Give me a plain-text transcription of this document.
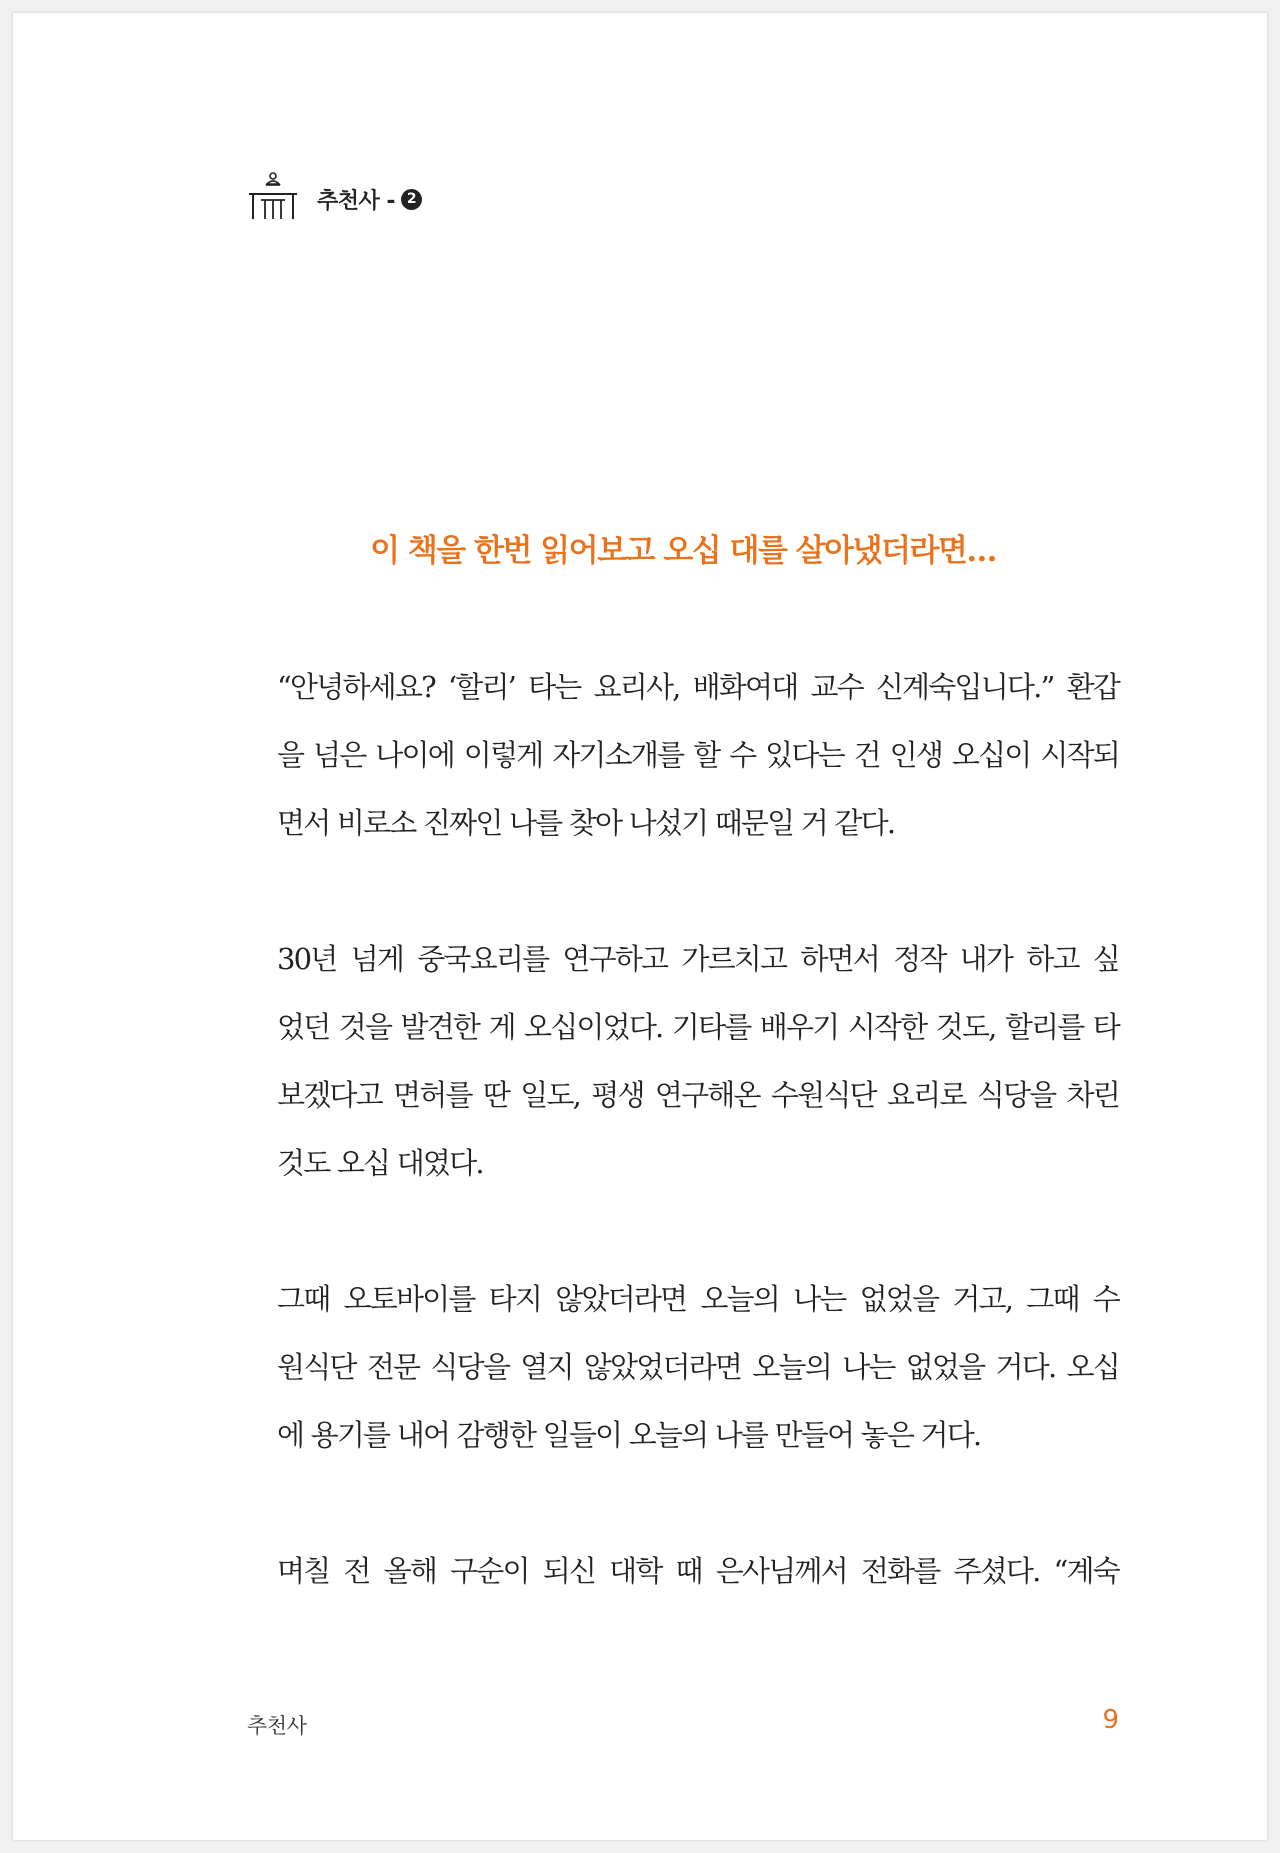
추천사 - 2
이 책을 한번 읽어보고 오십 대를 살아냈더라면…

“안녕하세요? ‘할리’ 타는 요리사, 배화여대 교수 신계숙입니다.” 환갑
을 넘은 나이에 이렇게 자기소개를 할 수 있다는 건 인생 오십이 시작되
면서 비로소 진짜인 나를 찾아 나섰기 때문일 거 같다.

30년 넘게 중국요리를 연구하고 가르치고 하면서 정작 내가 하고 싶
었던 것을 발견한 게 오십이었다. 기타를 배우기 시작한 것도, 할리를 타
보겠다고 면허를 딴 일도, 평생 연구해온 수원식단 요리로 식당을 차린
것도 오십 대였다.

그때 오토바이를 타지 않았더라면 오늘의 나는 없었을 거고, 그때 수
원식단 전문 식당을 열지 않았었더라면 오늘의 나는 없었을 거다. 오십
에 용기를 내어 감행한 일들이 오늘의 나를 만들어 놓은 거다.

며칠 전 올해 구순이 되신 대학 때 은사님께서 전화를 주셨다. “계숙

추천사	9
